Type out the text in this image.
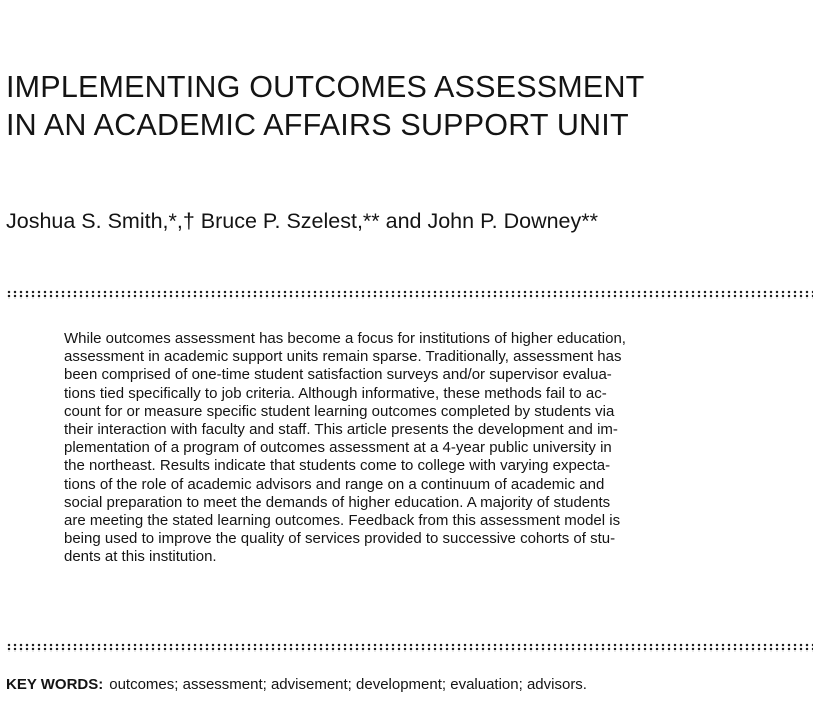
IMPLEMENTING OUTCOMES ASSESSMENT
IN AN ACADEMIC AFFAIRS SUPPORT UNIT

Joshua S. Smith,*,† Bruce P. Szelest,** and John P. Downey**

While outcomes assessment has become a focus for institutions of higher education,
assessment in academic support units remain sparse. Traditionally, assessment has
been comprised of one-time student satisfaction surveys and/or supervisor evalua-
tions tied specifically to job criteria. Although informative, these methods fail to ac-
count for or measure specific student learning outcomes completed by students via
their interaction with faculty and staff. This article presents the development and im-
plementation of a program of outcomes assessment at a 4-year public university in
the northeast. Results indicate that students come to college with varying expecta-
tions of the role of academic advisors and range on a continuum of academic and
social preparation to meet the demands of higher education. A majority of students
are meeting the stated learning outcomes. Feedback from this assessment model is
being used to improve the quality of services provided to successive cohorts of stu-
dents at this institution.
KEY WORDS: outcomes; assessment; advisement; development; evaluation; advisors.
